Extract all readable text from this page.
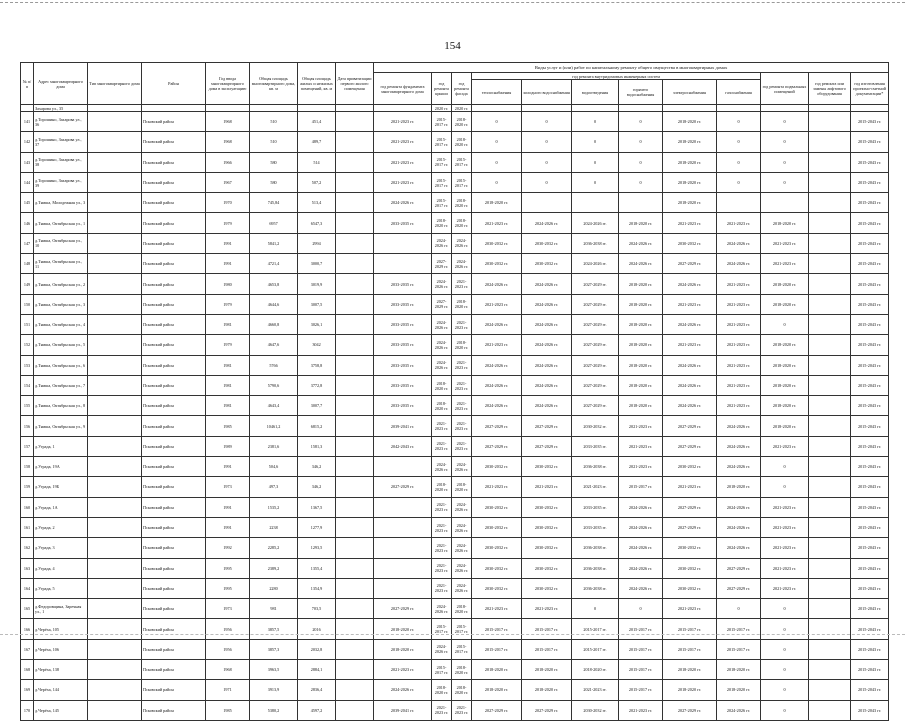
154
№ п/п	Адрес многоквартирного дома	Тип многоквартирного дома	Район	Год ввода многоквартирного дома в эксплуатацию	Общая площадь многоквартирного дома, кв. м	Общая площадь жилых и нежилых помещений, кв. м	Дата приватизации первого жилого помещения	Виды услуг и (или) работ по капитальному ремонту общего имущества в многоквартирных домах											
								год ремонта фундамента многоквартирного дома	год ремонта крыши	год ремонта фасада	год ремонта внутридомовых инженерных систем						год ремонта подвальных помещений	год ремонта или замены лифтового оборудования	год изготовления проектно-сметной документации*
											теплоснабжения	холодного водоснабжения	водоотведения	горячего водоснабжения	электроснабжения	газоснабжения			
	Захарова ул., 35								2020 гг.	2020 гг.									
141	д.Торошино, Захарова ул., 36		Псковский район	1968	510	451,4		2021-2023 гг.	2015-2017 гг.	2018-2020 гг.	0	0	0	0	2018-2020 гг.	0	0		2015-2043 гг.
142	д.Торошино, Захарова ул., 37		Псковский район	1968	510	489,7		2021-2023 гг.	2015-2017 гг.	2018-2020 гг.	0	0	0	0	2018-2020 гг.	0	0		2015-2043 гг.
143	д.Торошино, Захарова ул., 38		Псковский район	1966	580	514		2021-2023 гг.	2015-2017 гг.	2015-2017 гг.	0	0	0	0	2018-2020 гг.	0	0		2015-2043 гг.
144	д.Торошино, Захарова ул., 39		Псковский район	1967	580	507,2		2021-2023 гг.	2015-2017 гг.	2015-2017 гг.	0	0	0	0	2018-2020 гг.	0	0		2015-2043 гг.
145	д.Тямша, Молодежная ул., 3		Псковский район	1970	745,84	513,4		2024-2026 гг.	2015-2017 гг.	2018-2020 гг.	2018-2020 гг.				2018-2020 гг.				2015-2043 гг.
146	д.Тямша, Октябрьская ул., 1		Псковский район	1979	6957	6547,3		2033-2035 гг.	2018-2020 гг.	2018-2020 гг.	2021-2023 гг.	2024-2026 гг.	2024-2026 гг.	2018-2020 гг.	2021-2023 гг.	2021-2023 гг.	2018-2020 гг.		2015-2043 гг.
147	д.Тямша, Октябрьская ул., 10		Псковский район	1991	5841,2	2994			2024-2026 гг.	2024-2026 гг.	2030-2032 гг.	2030-2032 гг.	2036-2038 гг.	2024-2026 гг.	2030-2032 гг.	2024-2026 гг.	2021-2023 гг.		2015-2043 гг.
148	д.Тямша, Октябрьская ул., 11		Псковский район	1991	4721,4	3000,7			2027-2029 гг.	2024-2026 гг.	2030-2032 гг.	2030-2032 гг.	2024-2026 гг.	2024-2026 гг.	2027-2029 гг.	2024-2026 гг.	2021-2023 гг.		2015-2043 гг.
149	д.Тямша, Октябрьская ул., 2		Псковский район	1980	4653,8	3019,9		2033-2035 гг.	2024-2026 гг.	2021-2023 гг.	2024-2026 гг.	2024-2026 гг.	2027-2029 гг.	2018-2020 гг.	2024-2026 гг.	2021-2023 гг.	2018-2020 гг.		2015-2043 гг.
150	д.Тямша, Октябрьская ул., 3		Псковский район	1979	4644,6	3007,5		2033-2035 гг.	2027-2029 гг.	2018-2020 гг.	2021-2023 гг.	2024-2026 гг.	2027-2029 гг.	2018-2020 гг.	2021-2023 гг.	2021-2023 гг.	2018-2020 гг.		2015-2043 гг.
151	д.Тямша, Октябрьская ул., 4		Псковский район	1981	4660,8	3026,1		2033-2035 гг.	2024-2026 гг.	2021-2023 гг.	2024-2026 гг.	2024-2026 гг.	2027-2029 гг.	2018-2020 гг.	2024-2026 гг.	2021-2023 гг.	0		2015-2043 гг.
152	д.Тямша, Октябрьская ул., 5		Псковский район	1979	4647,6	3042		2033-2035 гг.	2024-2026 гг.	2018-2020 гг.	2021-2023 гг.	2024-2026 гг.	2027-2029 гг.	2018-2020 гг.	2021-2023 гг.	2021-2023 гг.	2018-2020 гг.		2015-2043 гг.
153	д.Тямша, Октябрьская ул., 6		Псковский район	1981	5766	3758,8		2033-2035 гг.	2024-2026 гг.	2021-2023 гг.	2024-2026 гг.	2024-2026 гг.	2027-2029 гг.	2018-2020 гг.	2024-2026 гг.	2021-2023 гг.	2018-2020 гг.		2015-2043 гг.
154	д.Тямша, Октябрьская ул., 7		Псковский район	1981	5790,6	3772,8		2033-2035 гг.	2018-2020 гг.	2021-2023 гг.	2024-2026 гг.	2024-2026 гг.	2027-2029 гг.	2018-2020 гг.	2024-2026 гг.	2021-2023 гг.	2018-2020 гг.		2015-2043 гг.
155	д.Тямша, Октябрьская ул., 8		Псковский район	1981	4643,4	3007,7		2033-2035 гг.	2018-2020 гг.	2021-2023 гг.	2024-2026 гг.	2024-2026 гг.	2027-2029 гг.	2018-2020 гг.	2024-2026 гг.	2021-2023 гг.	2018-2020 гг.		2015-2043 гг.
156	д.Тямша, Октябрьская ул., 9		Псковский район	1985	10461,2	6815,2		2039-2041 гг.	2021-2023 гг.	2021-2023 гг.	2027-2029 гг.	2027-2029 гг.	2030-2032 гг.	2021-2023 гг.	2027-2029 гг.	2024-2026 гг.	2018-2020 гг.		2015-2043 гг.
157	д.Уграда, 1		Псковский район	1989	2381,6	1581,3		2042-2043 гг.	2021-2023 гг.	2021-2023 гг.	2027-2029 гг.	2027-2029 гг.	2033-2035 гг.	2021-2023 гг.	2027-2029 гг.	2024-2026 гг.	2021-2023 гг.		2015-2043 гг.
158	д.Уграда, 19А		Псковский район	1991	504,6	346,2			2024-2026 гг.	2024-2026 гг.	2030-2032 гг.	2030-2032 гг.	2036-2038 гг.	2021-2023 гг.	2030-2032 гг.	2024-2026 гг.	0		2015-2043 гг.
159	д.Уграда, 19Б		Псковский район	1973	497,3	346,2		2027-2029 гг.	2018-2020 гг.	2018-2020 гг.	2021-2023 гг.	2021-2023 гг.	2021-2023 гг.	2015-2017 гг.	2021-2023 гг.	2018-2020 гг.	0		2015-2043 гг.
160	д.Уграда, 1А		Псковский район	1991	1535,2	1367,5			2021-2023 гг.	2024-2026 гг.	2030-2032 гг.	2030-2032 гг.	2033-2035 гг.	2024-2026 гг.	2027-2029 гг.	2024-2026 гг.	2021-2023 гг.		2015-2043 гг.
161	д.Уграда, 2		Псковский район	1991	2238	1277,9			2021-2023 гг.	2024-2026 гг.	2030-2032 гг.	2030-2032 гг.	2033-2035 гг.	2024-2026 гг.	2027-2029 гг.	2024-2026 гг.	2021-2023 гг.		2015-2043 гг.
162	д.Уграда, 3		Псковский район	1992	2285,2	1293,5			2021-2023 гг.	2024-2026 гг.	2030-2032 гг.	2030-2032 гг.	2036-2038 гг.	2024-2026 гг.	2030-2032 гг.	2024-2026 гг.	2021-2023 гг.		2015-2043 гг.
163	д.Уграда, 4		Псковский район	1995	2389,2	1355,4			2021-2023 гг.	2024-2026 гг.	2030-2032 гг.	2030-2032 гг.	2036-2038 гг.	2024-2026 гг.	2030-2032 гг.	2027-2029 гг.	2021-2023 гг.		2015-2043 гг.
164	д.Уграда, 5		Псковский район	1995	2280	1354,9			2021-2023 гг.	2024-2026 гг.	2030-2032 гг.	2030-2032 гг.	2036-2038 гг.	2024-2026 гг.	2030-2032 гг.	2027-2029 гг.	2021-2023 гг.		2015-2043 гг.
165	д.Федоровщина, Заречная ул., 1		Псковский район	1973	981	703,5		2027-2029 гг.	2024-2026 гг.	2018-2020 гг.	2021-2023 гг.	2021-2023 гг.	0	0	2021-2023 гг.	0	0		2015-2043 гг.
166	д.Черёха, 105		Псковский район	1956	3857,5	2016		2018-2020 гг.	2015-2017 гг.	2015-2017 гг.	2015-2017 гг.	2015-2017 гг.	2015-2017 гг.	2015-2017 гг.	2015-2017 гг.	2015-2017 гг.	0		2015-2043 гг.
167	д.Черёха, 106		Псковский район	1956	3857,3	2032,8		2018-2020 гг.	2024-2026 гг.	2015-2017 гг.	2015-2017 гг.	2015-2017 гг.	2015-2017 гг.	2015-2017 гг.	2015-2017 гг.	2015-2017 гг.	0		2015-2043 гг.
168	д.Черёха, 138		Псковский район	1968	3963,5	2884,1		2021-2023 гг.	2015-2017 гг.	2018-2020 гг.	2018-2020 гг.	2018-2020 гг.	2018-2020 гг.	2015-2017 гг.	2018-2020 гг.	2018-2020 гг.	0		2015-2043 гг.
169	д.Черёха, 144		Псковский район	1971	3913,9	2836,4		2024-2026 гг.	2018-2020 гг.	2018-2020 гг.	2018-2020 гг.	2018-2020 гг.	2021-2023 гг.	2015-2017 гг.	2018-2020 гг.	2018-2020 гг.	0		2015-2043 гг.
170	д.Черёха, 145		Псковский район	1985	5380,2	4597,2		2039-2041 гг.	2021-2023 гг.	2021-2023 гг.	2027-2029 гг.	2027-2029 гг.	2030-2032 гг.	2021-2023 гг.	2027-2029 гг.	2024-2026 гг.	0		2015-2043 гг.
